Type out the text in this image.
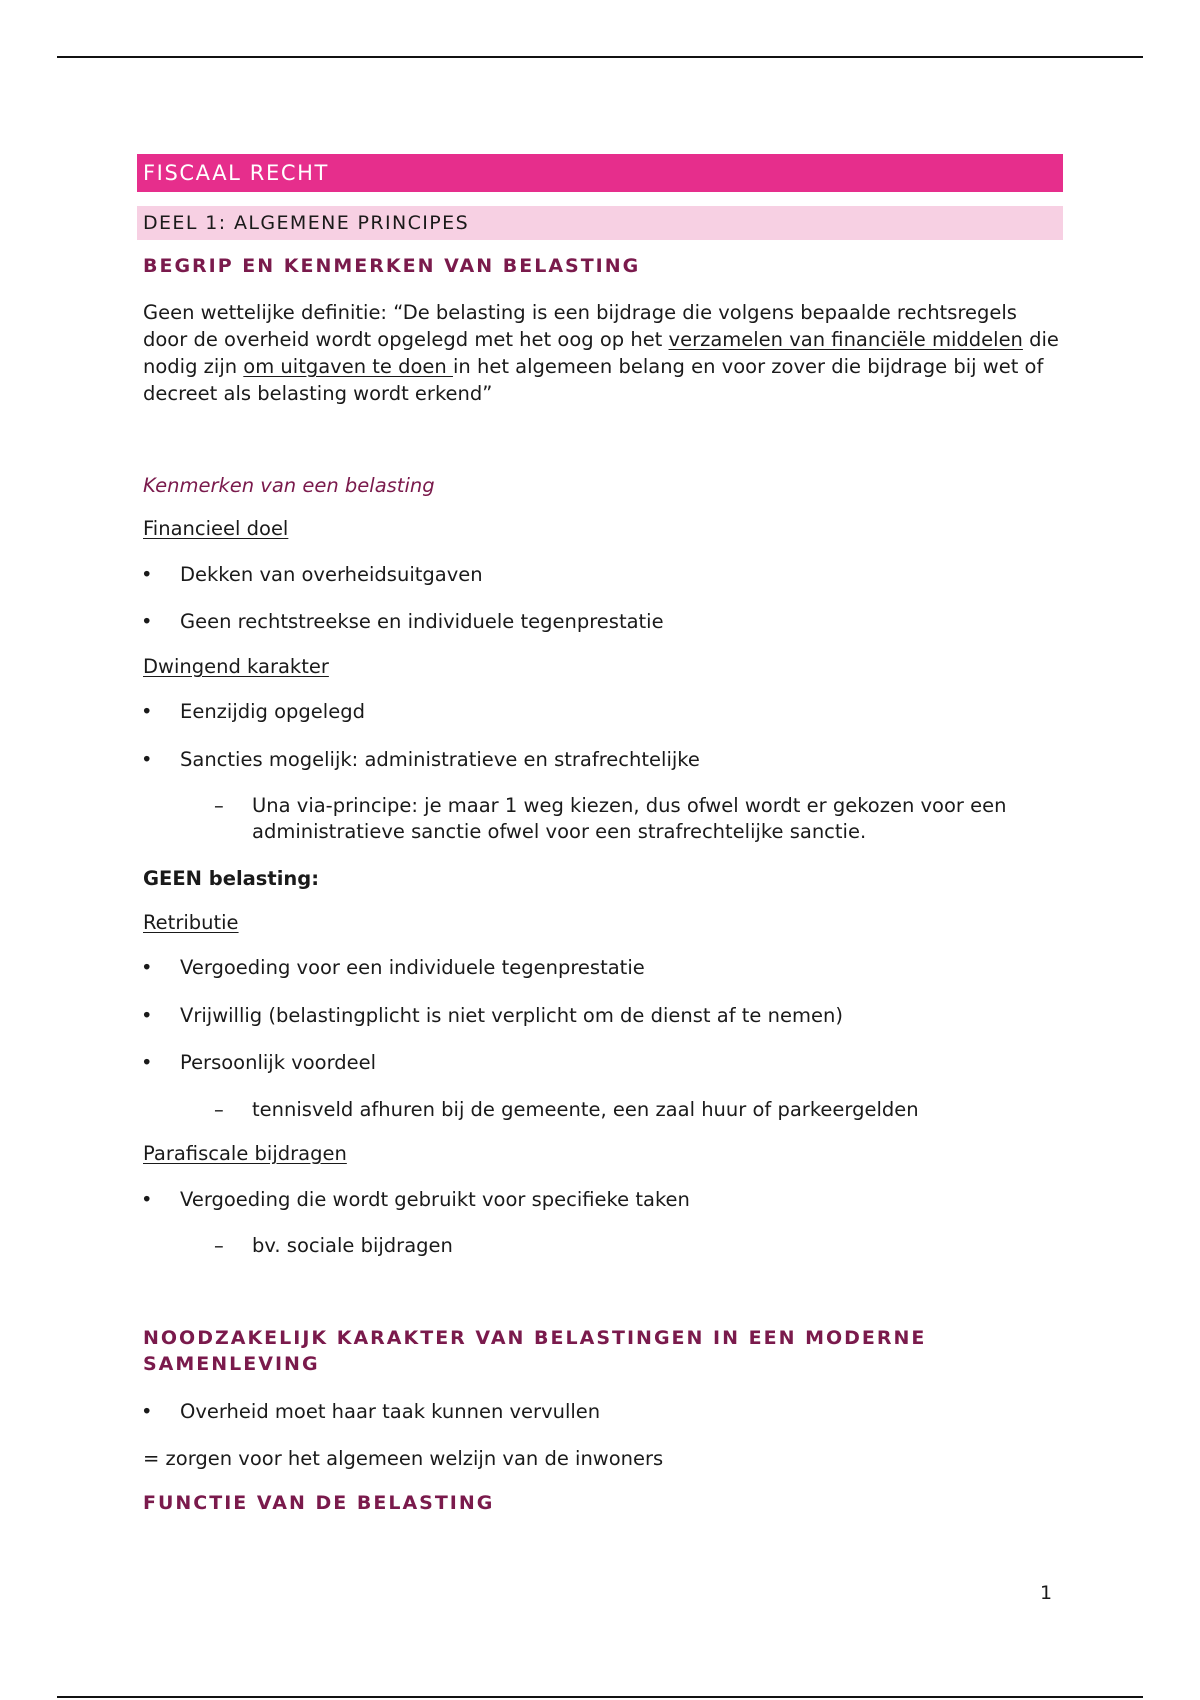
FISCAAL RECHT
DEEL 1: ALGEMENE PRINCIPES
BEGRIP EN KENMERKEN VAN BELASTING

Geen wettelijke definitie: “De belasting is een bijdrage die volgens bepaalde rechtsregels door de overheid wordt opgelegd met het oog op het verzamelen van financiële middelen die nodig zijn om uitgaven te doen in het algemeen belang en voor zover die bijdrage bij wet of decreet als belasting wordt erkend”

Kenmerken van een belasting
Financieel doel
• Dekken van overheidsuitgaven
• Geen rechtstreekse en individuele tegenprestatie
Dwingend karakter
• Eenzijdig opgelegd
• Sancties mogelijk: administratieve en strafrechtelijke
– Una via-principe: je maar 1 weg kiezen, dus ofwel wordt er gekozen voor een administratieve sanctie ofwel voor een strafrechtelijke sanctie.
GEEN belasting:
Retributie
• Vergoeding voor een individuele tegenprestatie
• Vrijwillig (belastingplicht is niet verplicht om de dienst af te nemen)
• Persoonlijk voordeel
– tennisveld afhuren bij de gemeente, een zaal huur of parkeergelden
Parafiscale bijdragen
• Vergoeding die wordt gebruikt voor specifieke taken
– bv. sociale bijdragen
NOODZAKELIJK KARAKTER VAN BELASTINGEN IN EEN MODERNE
SAMENLEVING
• Overheid moet haar taak kunnen vervullen
= zorgen voor het algemeen welzijn van de inwoners
FUNCTIE VAN DE BELASTING
1
